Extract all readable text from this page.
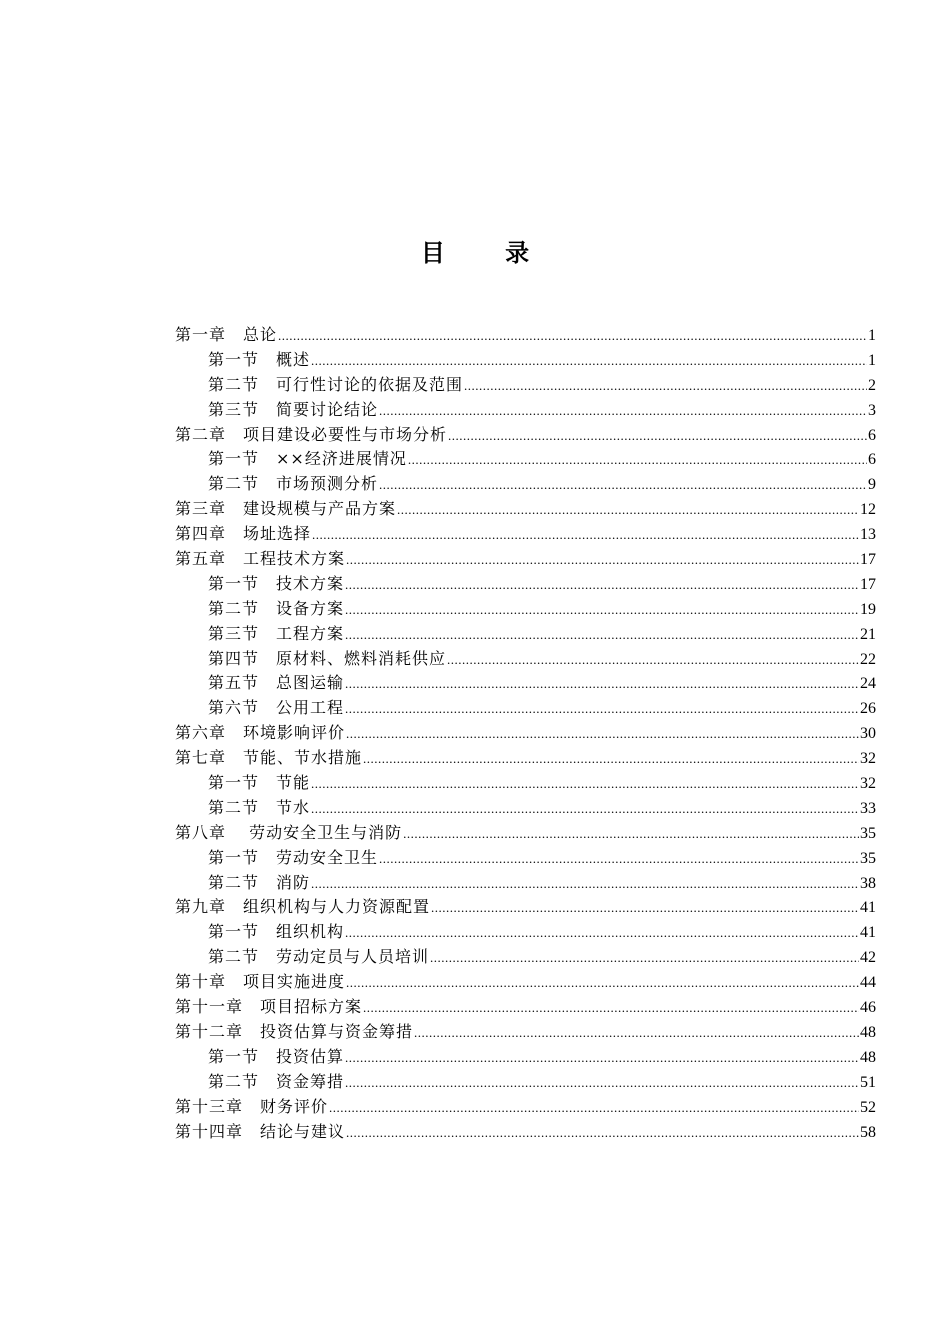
目 录
第一章　总论 .....	1
第一节　概述 .....	1
第二节　可行性讨论的依据及范围 .....	2
第三节　简要讨论结论 .....	3
第二章　项目建设必要性与市场分析 .....	6
第一节　××经济进展情况 .....	6
第二节　市场预测分析 .....	9
第三章　建设规模与产品方案 .....	12
第四章　场址选择 .....	13
第五章　工程技术方案 .....	17
第一节　技术方案 .....	17
第二节　设备方案 .....	19
第三节　工程方案 .....	21
第四节　原材料、燃料消耗供应 .....	22
第五节　总图运输 .....	24
第六节　公用工程 .....	26
第六章　环境影响评价 .....	30
第七章　节能、节水措施 .....	32
第一节　节能 .....	32
第二节　节水 .....	33
第八章　 劳动安全卫生与消防 .....	35
第一节　劳动安全卫生 .....	35
第二节　消防 .....	38
第九章　组织机构与人力资源配置 .....	41
第一节　组织机构 .....	41
第二节　劳动定员与人员培训 .....	42
第十章　项目实施进度 .....	44
第十一章　项目招标方案 .....	46
第十二章　投资估算与资金筹措 .....	48
第一节　投资估算 .....	48
第二节　资金筹措 .....	51
第十三章　财务评价 .....	52
第十四章　结论与建议 .....	58
